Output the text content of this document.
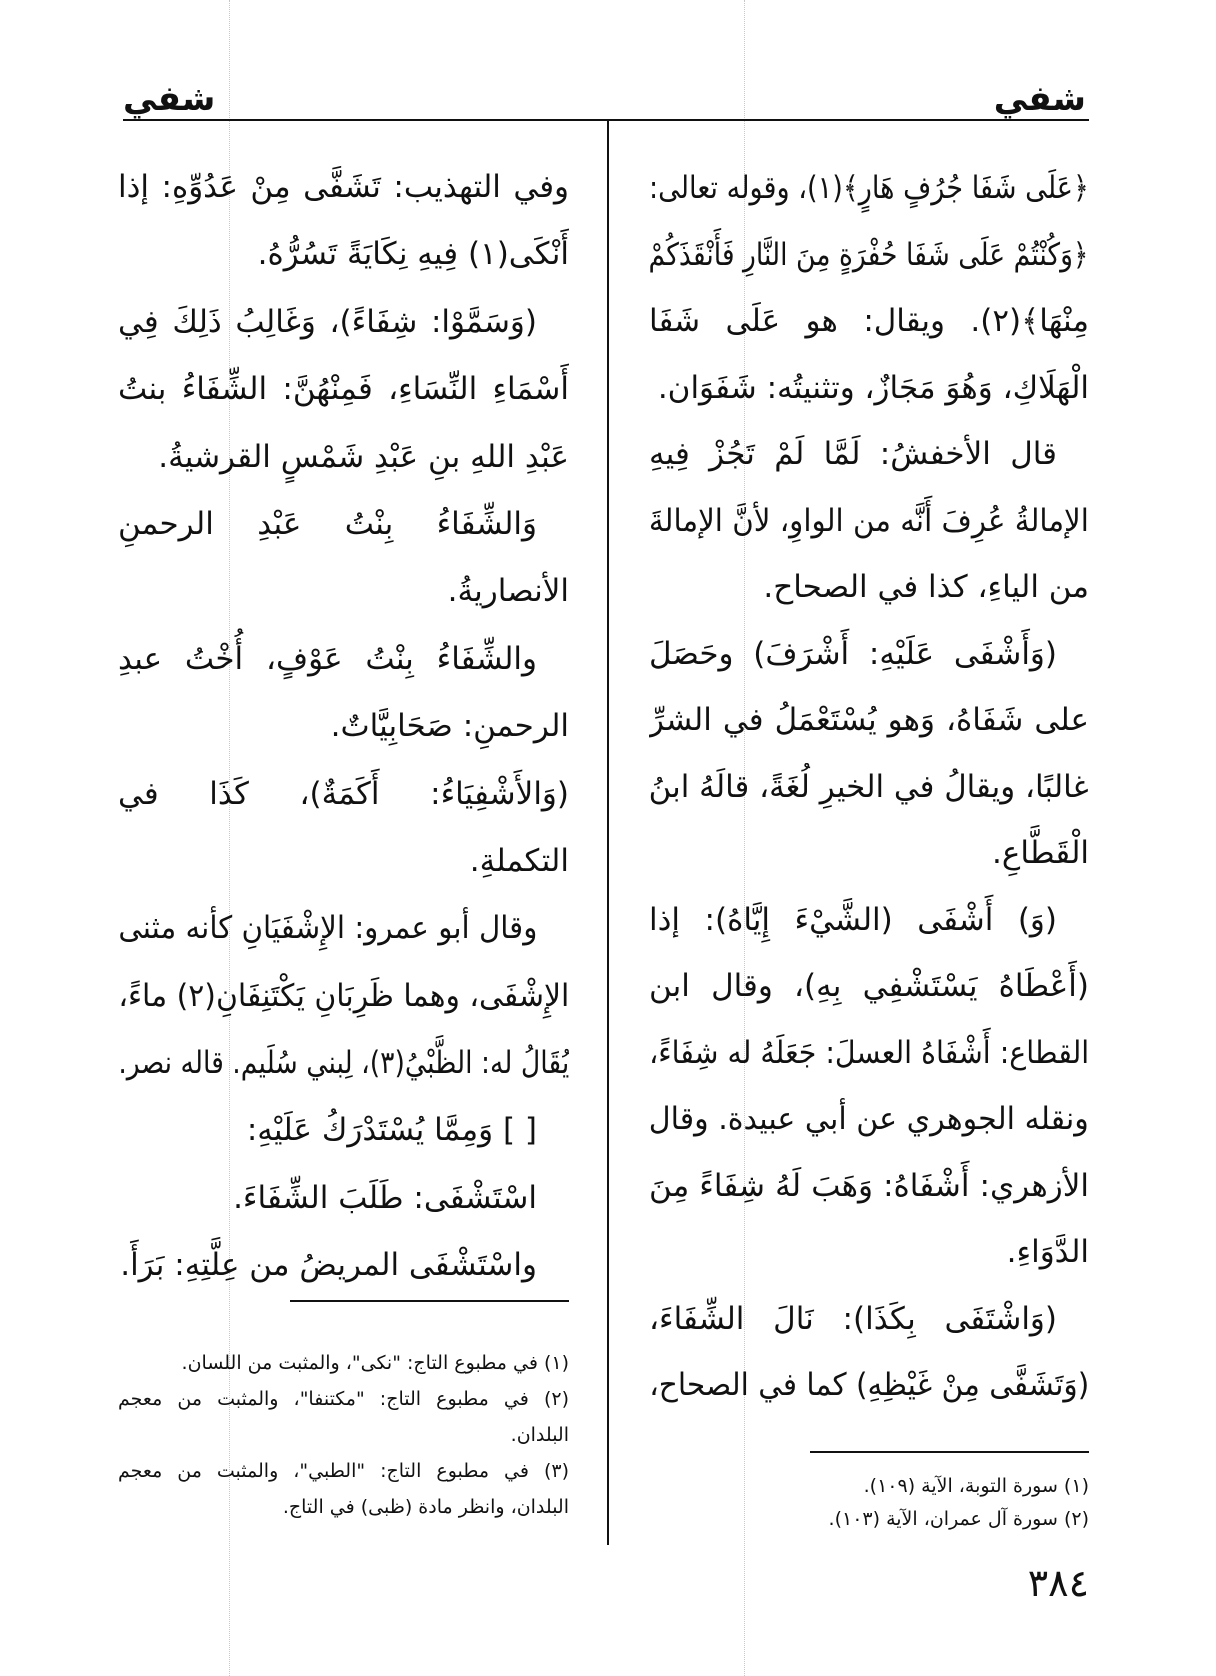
شفي
شفي
﴿عَلَى شَفَا جُرُفٍ هَارٍ﴾(١)، وقوله تعالى:
﴿وَكُنْتُمْ عَلَى شَفَا حُفْرَةٍ مِنَ النَّارِ فَأَنْقَذَكُمْ
مِنْهَا﴾(٢). ويقال: هو عَلَى شَفَا
الْهَلَاكِ، وَهُوَ مَجَازٌ، وتثنيتُه: شَفَوَان.
قال الأخفشُ: لَمَّا لَمْ تَجُزْ فِيهِ
الإمالةُ عُرِفَ أَنَّه من الواوِ، لأنَّ الإمالةَ
من الياءِ، كذا في الصحاح.
(وَأَشْفَى عَلَيْهِ: أَشْرَفَ) وحَصَلَ
على شَفَاهُ، وَهو يُسْتَعْمَلُ في الشرِّ
غالبًا، ويقالُ في الخيرِ لُغَةً، قالَهُ ابنُ
الْقَطَّاعِ.
(وَ) أَشْفَى (الشَّيْءَ إِيَّاهُ): إذا
(أَعْطَاهُ يَسْتَشْفِي بِهِ)، وقال ابن
القطاع: أَشْفَاهُ العسلَ: جَعَلَهُ له شِفَاءً،
ونقله الجوهري عن أبي عبيدة. وقال
الأزهري: أَشْفَاهُ: وَهَبَ لَهُ شِفَاءً مِنَ
الدَّوَاءِ.
(وَاشْتَفَى بِكَذَا): نَالَ الشِّفَاءَ،
(وَتَشَفَّى مِنْ غَيْظِهِ) كما في الصحاح،
(١) سورة التوبة، الآية (١٠٩).
(٢) سورة آل عمران، الآية (١٠٣).
٣٨٤
وفي التهذيب: تَشَفَّى مِنْ عَدُوِّهِ: إذا
أَنْكَى(١) فِيهِ نِكَايَةً تَسُرُّهُ.
(وَسَمَّوْا: شِفَاءً)، وَغَالِبُ ذَلِكَ فِي
أَسْمَاءِ النِّسَاءِ، فَمِنْهُنَّ: الشِّفَاءُ بنتُ
عَبْدِ اللهِ بنِ عَبْدِ شَمْسٍ القرشيةُ.
وَالشِّفَاءُ بِنْتُ عَبْدِ الرحمنِ
الأنصاريةُ.
والشِّفَاءُ بِنْتُ عَوْفٍ، أُخْتُ عبدِ
الرحمنِ: صَحَابِيَّاتٌ.
(وَالأَشْفِيَاءُ: أَكَمَةٌ)، كَذَا في
التكملةِ.
وقال أبو عمرو: الإِشْفَيَانِ كأنه مثنى
الإِشْفَى، وهما ظَرِبَانِ يَكْتَنِفَانِ(٢) ماءً،
يُقَالُ له: الظَّبْيُ(٣)، لِبني سُلَيم. قاله نصر.
[ ] وَمِمَّا يُسْتَدْرَكُ عَلَيْهِ:
اسْتَشْفَى: طَلَبَ الشِّفَاءَ.
واسْتَشْفَى المريضُ من عِلَّتِهِ: بَرَأَ.
(١) في مطبوع التاج: "نكى"، والمثبت من اللسان.
(٢) في مطبوع التاج: "مكتنفا"، والمثبت من معجم
البلدان.
(٣) في مطبوع التاج: "الطبي"، والمثبت من معجم
البلدان، وانظر مادة (ظبى) في التاج.
